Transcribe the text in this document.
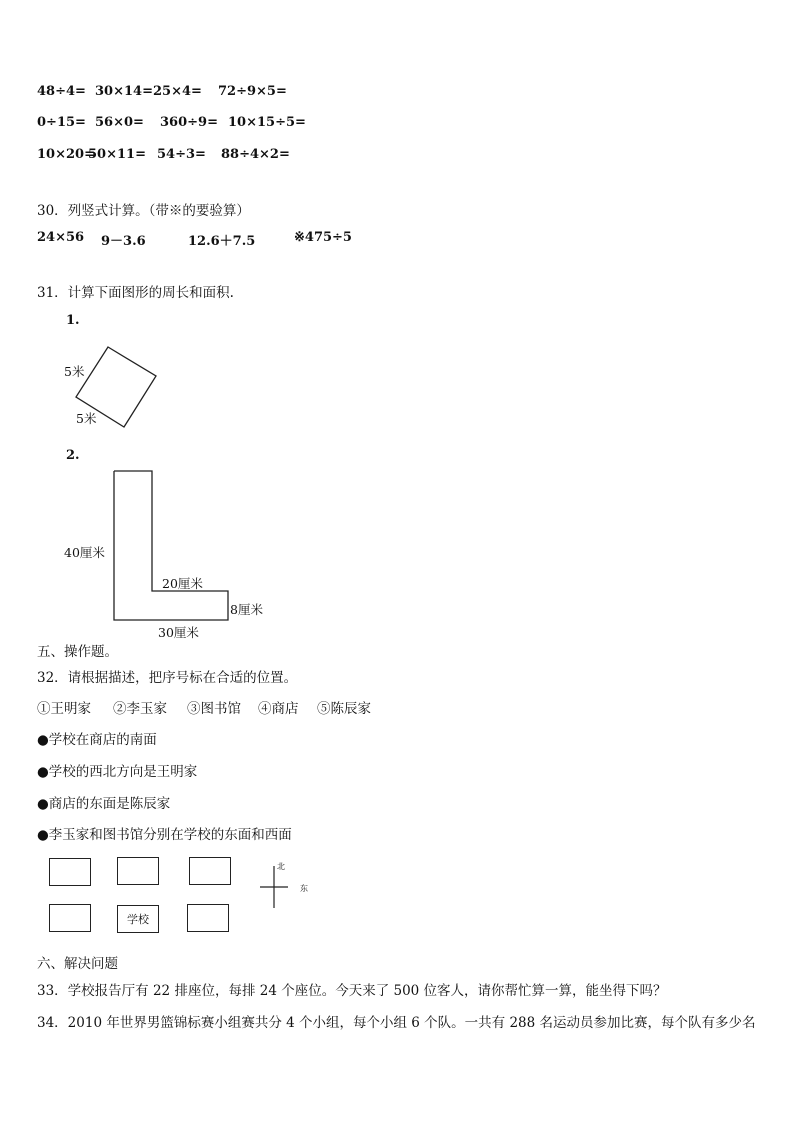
48÷4= 30×14= 25×4= 72÷9×5=
0÷15= 56×0= 360÷9= 10×15÷5=
10×20=
50×11= 54÷3= 88÷4×2=
30．列竖式计算。（带※的要验算）
24×56 9－3.6	12.6＋7.5	※475÷5
31．计算下面图形的周长和面积.
1.
5米
5米
2.
40厘米
20厘米
8厘米
30厘米
五、操作题。
32．请根据描述，把序号标在合适的位置。
①王明家 ②李玉家 ③图书馆 ④商店 ⑤陈辰家
●学校在商店的南面
●学校的西北方向是王明家
●商店的东面是陈辰家
●李玉家和图书馆分别在学校的东面和西面
学校
北
东
六、解决问题
33．学校报告厅有 22 排座位，每排 24 个座位。今天来了 500 位客人，请你帮忙算一算，能坐得下吗？
34．2010 年世界男篮锦标赛小组赛共分 4 个小组，每个小组 6 个队。一共有 288 名运动员参加比赛，每个队有多少名
